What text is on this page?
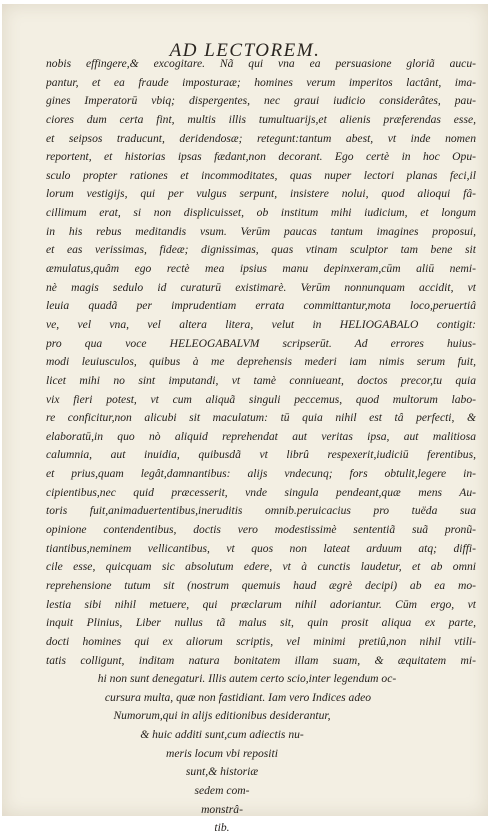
AD LECTOREM.
nobis effingere,& excogitare. Nã qui vna ea persuasione gloriã aucu-
pantur, et ea fraude imposturaæ; homines verum imperitos lactânt, ima-
gines Imperatorū vbiq; dispergentes, nec graui iudicio considerâtes, pau-
ciores dum certa fint, multis illis tumultuarijs,et alienis præferendas esse,
et seipsos traducunt, deridendosæ; retegunt:tantum abest, vt inde nomen
reportent, et historias ipsas fædant,non decorant. Ego certè in hoc Opu-
sculo propter rationes et incommoditates, quas nuper lectori planas feci,il
lorum vestigijs, qui per vulgus serpunt, insistere nolui, quod alioqui fâ-
cillimum erat, si non displicuisset, ob institum mihi iudicium, et longum
in his rebus meditandis vsum. Verūm paucas tantum imagines proposui,
et eas verissimas, fideæ; dignissimas, quas vtinam sculptor tam bene sit
æmulatus,quâm ego rectè mea ipsius manu depinxeram,cūm aliū nemi-
nè magis sedulo id curaturū existimarè. Verūm nonnunquam accidit, vt
leuia quadã per imprudentiam errata committantur,mota loco,peruertiâ
ve, vel vna, vel altera litera, velut in HELIOGABALO contigit:
pro qua voce HELEOGABALVM scripserūt. Ad errores huius-
modi leuiusculos, quibus à me deprehensis mederi iam nimis serum fuit,
licet mihi no sint imputandi, vt tamè conniueant, doctos precor,tu quia
vix fieri potest, vt cum aliquã singuli peccemus, quod multorum labo-
re conficitur,non alicubi sit maculatum: tū quia nihil est tâ perfecti, &
elaboratū,in quo nò aliquid reprehendat aut veritas ipsa, aut malitiosa
calumnia, aut inuidia, quibusdã vt librû respexerit,iudiciū ferentibus,
et prius,quam legât,damnantibus: alijs vndecunq; fors obtulit,legere in-
cipientibus,nec quid præcesserit, vnde singula pendeant,quæ mens Au-
toris fuit,animaduertentibus,ineruditis omnib.peruicacius pro tuëda sua
opinione contendentibus, doctis vero modestissimè sententiã suã pronũ-
tiantibus,neminem vellicantibus, vt quos non lateat arduum atq; diffi-
cile esse, quicquam sic absolutum edere, vt à cunctis laudetur, et ab omni
reprehensione tutum sit (nostrum quemuis haud ægrè decipi) ab ea mo-
lestia sibi nihil metuere, qui præclarum nihil adoriantur. Cūm ergo, vt
inquit Plinius, Liber nullus tã malus sit, quin prosit aliqua ex parte,
docti homines qui ex aliorum scriptis, vel minimi pretiû,non nihil vtili-
tatis colligunt, inditam natura bonitatem illam suam, & æquitatem mi-
hi non sunt denegaturi. Illis autem certo scio,inter legendum oc-
cursura multa, quæ non fastidiant. Iam vero Indices adeo
Numorum,qui in alijs editionibus desiderantur,
& huic additi sunt,cum adiectis nu-
meris locum vbi repositi
sunt,& historiæ
sedem com-
monstrâ-
tib.
